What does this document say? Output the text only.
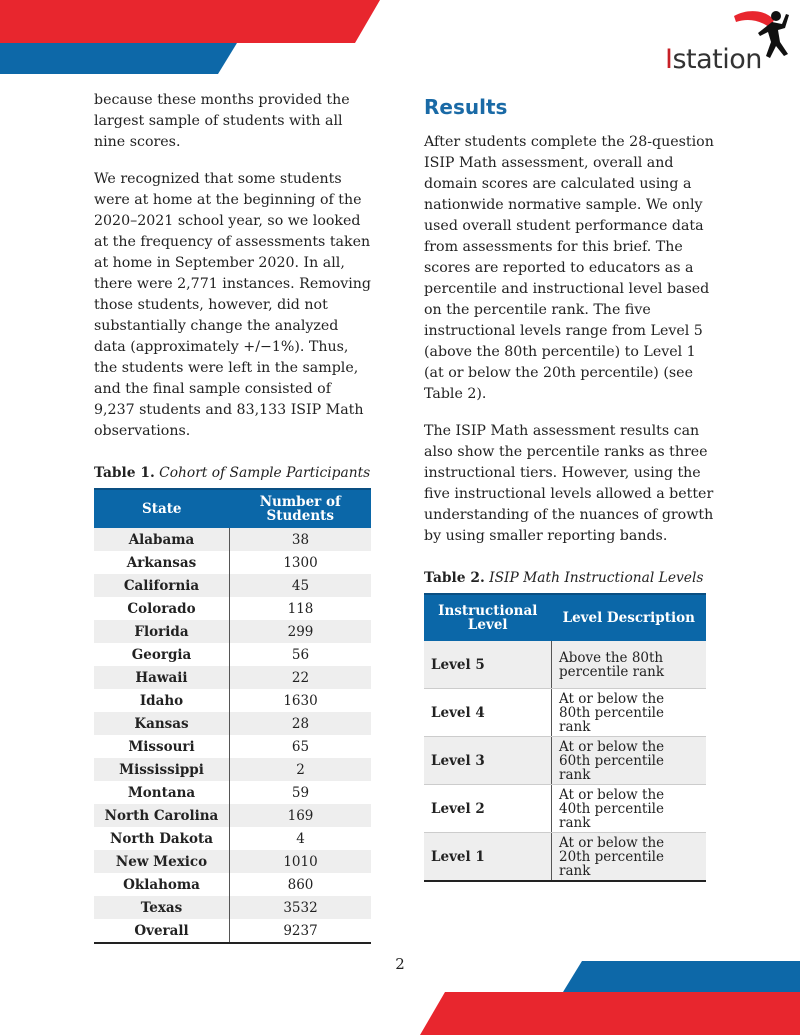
Istation

because these months provided the largest sample of students with all nine scores.

We recognized that some students were at home at the beginning of the 2020–2021 school year, so we looked at the frequency of assessments taken at home in September 2020. In all, there were 2,771 instances. Removing those students, however, did not substantially change the analyzed data (approximately +/−1%). Thus, the students were left in the sample, and the final sample consisted of 9,237 students and 83,133 ISIP Math observations.

Table 1. Cohort of Sample Participants
State	Number of Students
Alabama	38
Arkansas	1300
California	45
Colorado	118
Florida	299
Georgia	56
Hawaii	22
Idaho	1630
Kansas	28
Missouri	65
Mississippi	2
Montana	59
North Carolina	169
North Dakota	4
New Mexico	1010
Oklahoma	860
Texas	3532
Overall	9237
Results

After students complete the 28-question ISIP Math assessment, overall and domain scores are calculated using a nationwide normative sample. We only used overall student performance data from assessments for this brief. The scores are reported to educators as a percentile and instructional level based on the percentile rank. The five instructional levels range from Level 5 (above the 80th percentile) to Level 1 (at or below the 20th percentile) (see Table 2).

The ISIP Math assessment results can also show the percentile ranks as three instructional tiers. However, using the five instructional levels allowed a better understanding of the nuances of growth by using smaller reporting bands.

Table 2. ISIP Math Instructional Levels
Instructional Level	Level Description
Level 5	Above the 80th percentile rank
Level 4	At or below the 80th percentile rank
Level 3	At or below the 60th percentile rank
Level 2	At or below the 40th percentile rank
Level 1	At or below the 20th percentile rank
2
